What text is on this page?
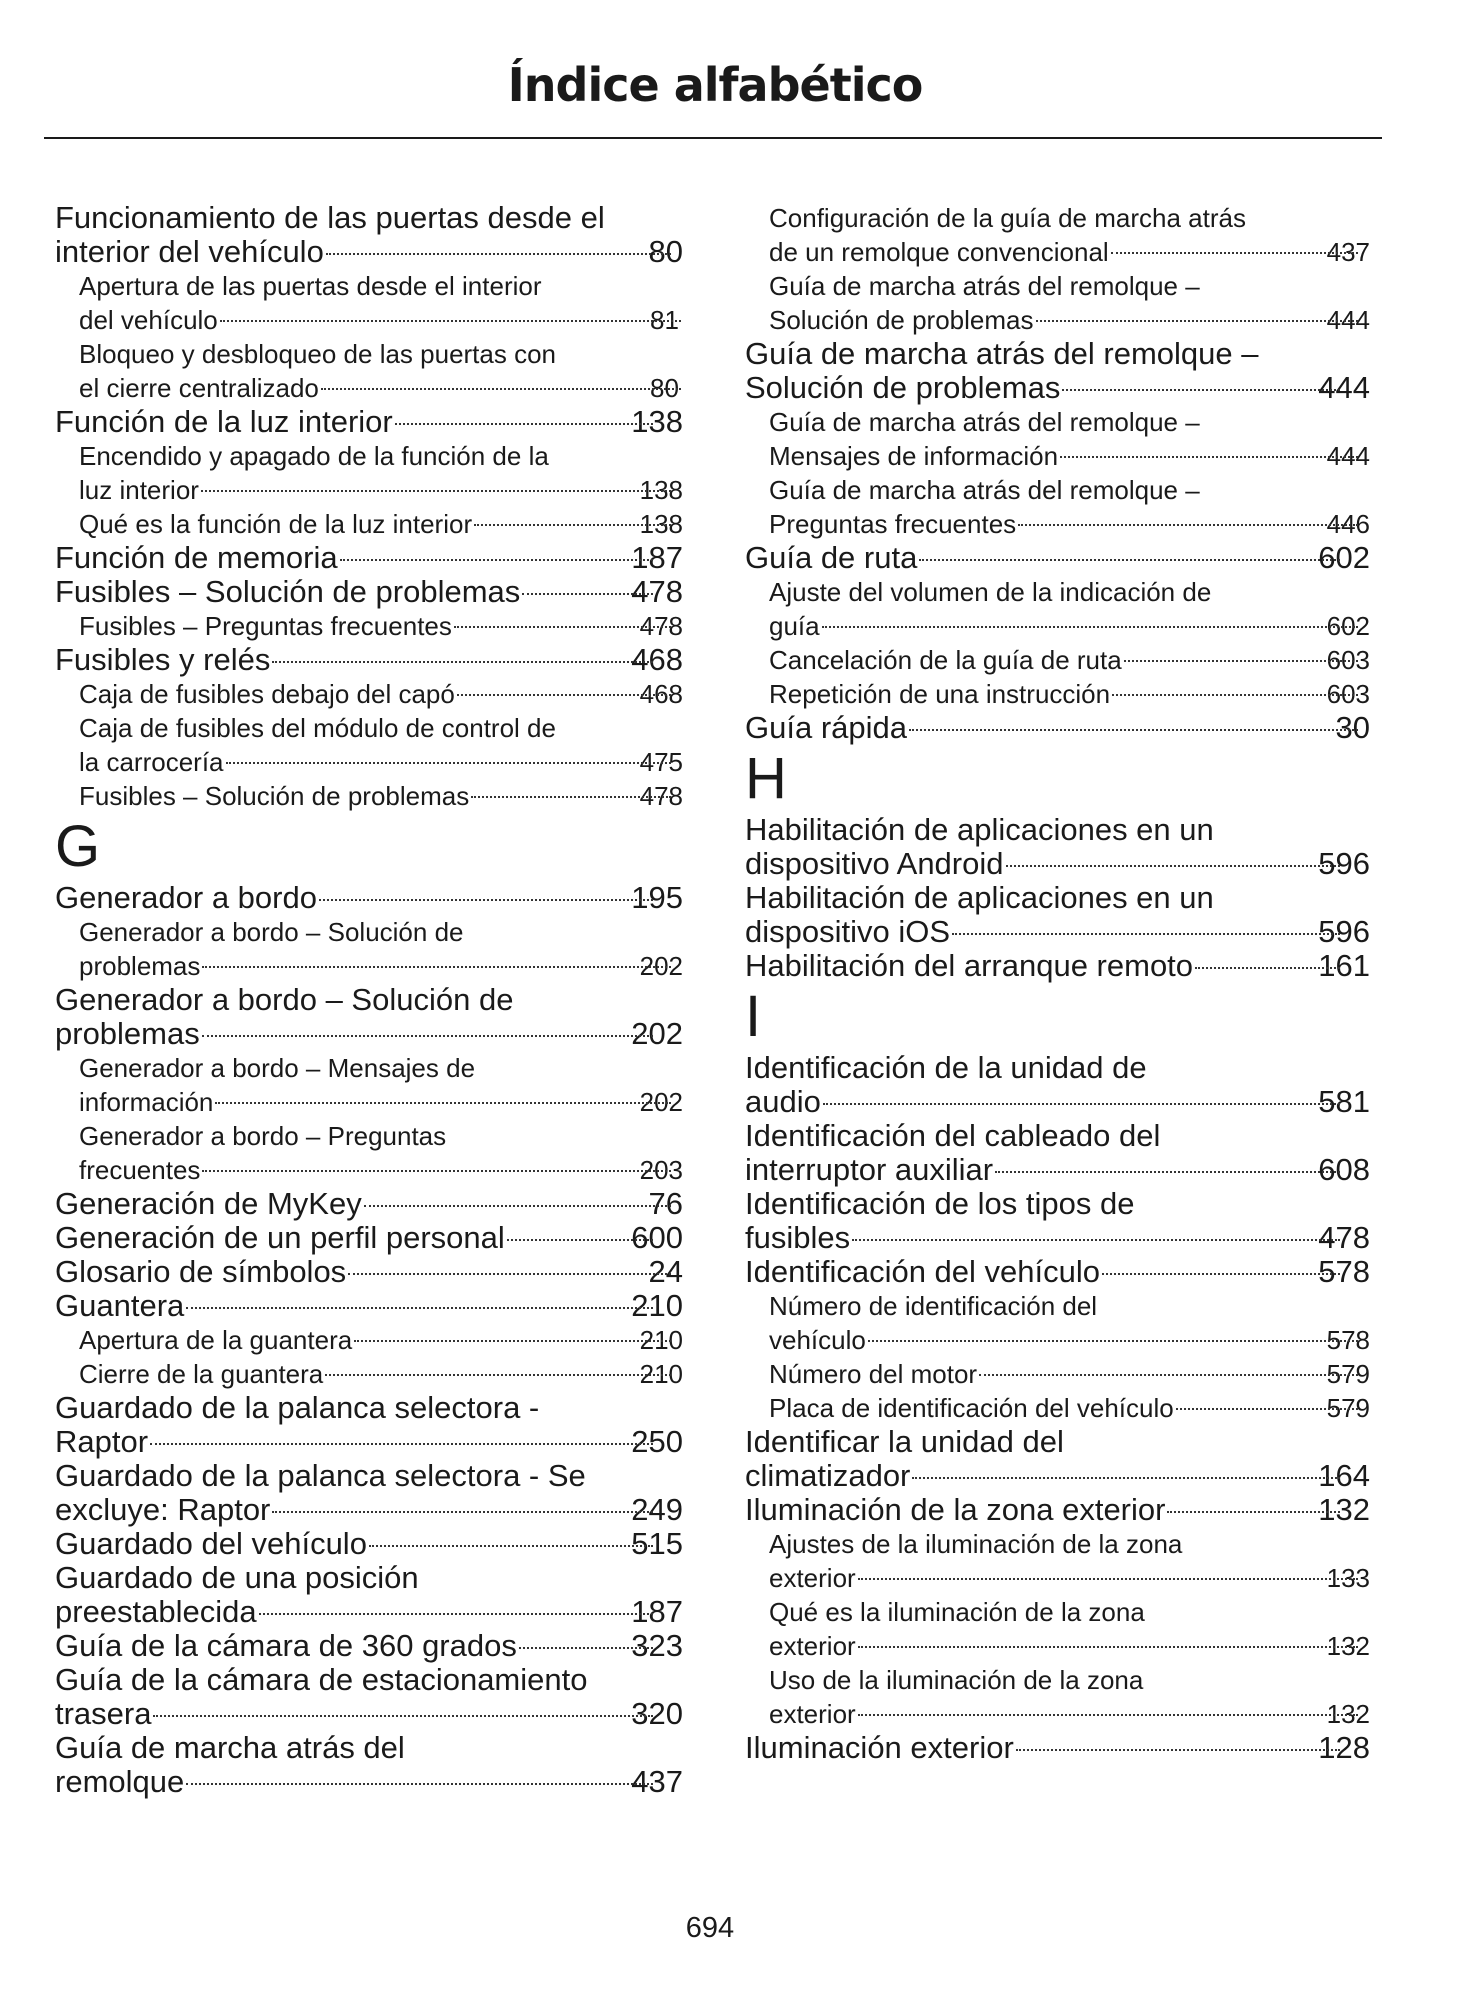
Índice alfabético
Funcionamiento de las puertas desde el

interior del vehículo	80
Apertura de las puertas desde el interior

del vehículo	81
Bloqueo y desbloqueo de las puertas con

el cierre centralizado	80
Función de la luz interior	138
Encendido y apagado de la función de la

luz interior	138
Qué es la función de la luz interior	138
Función de memoria	187
Fusibles – Solución de problemas	478
Fusibles – Preguntas frecuentes	478
Fusibles y relés	468
Caja de fusibles debajo del capó	468
Caja de fusibles del módulo de control de

la carrocería	475
Fusibles – Solución de problemas	478
G
Generador a bordo	195
Generador a bordo – Solución de

problemas	202
Generador a bordo – Solución de

problemas	202
Generador a bordo – Mensajes de

información	202
Generador a bordo – Preguntas

frecuentes	203
Generación de MyKey	76
Generación de un perfil personal	600
Glosario de símbolos	24
Guantera	210
Apertura de la guantera	210
Cierre de la guantera	210
Guardado de la palanca selectora -

Raptor	250
Guardado de la palanca selectora - Se

excluye: Raptor	249
Guardado del vehículo	515
Guardado de una posición

preestablecida	187
Guía de la cámara de 360 grados	323
Guía de la cámara de estacionamiento

trasera	320
Guía de marcha atrás del

remolque	437
Configuración de la guía de marcha atrás

de un remolque convencional	437
Guía de marcha atrás del remolque –

Solución de problemas	444
Guía de marcha atrás del remolque –

Solución de problemas	444
Guía de marcha atrás del remolque –

Mensajes de información	444
Guía de marcha atrás del remolque –

Preguntas frecuentes	446
Guía de ruta	602
Ajuste del volumen de la indicación de

guía	602
Cancelación de la guía de ruta	603
Repetición de una instrucción	603
Guía rápida	30
H
Habilitación de aplicaciones en un

dispositivo Android	596
Habilitación de aplicaciones en un

dispositivo iOS	596
Habilitación del arranque remoto	161
I
Identificación de la unidad de

audio	581
Identificación del cableado del

interruptor auxiliar	608
Identificación de los tipos de

fusibles	478
Identificación del vehículo	578
Número de identificación del

vehículo	578
Número del motor	579
Placa de identificación del vehículo	579
Identificar la unidad del

climatizador	164
Iluminación de la zona exterior	132
Ajustes de la iluminación de la zona

exterior	133
Qué es la iluminación de la zona

exterior	132
Uso de la iluminación de la zona

exterior	132
Iluminación exterior	128
694
